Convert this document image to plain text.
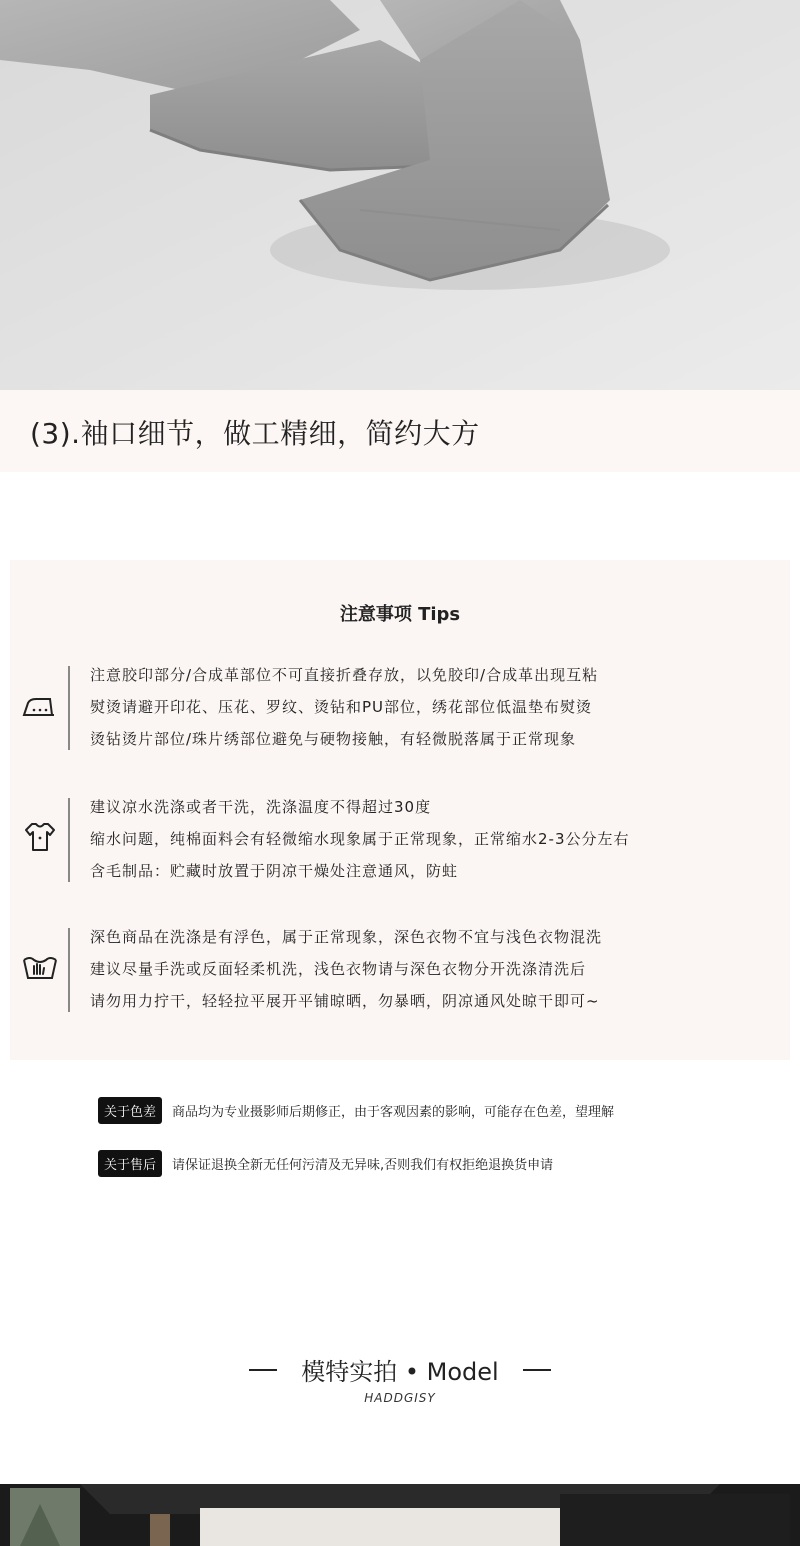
(3).袖口细节，做工精细，简约大方
注意事项 Tips
注意胶印部分/合成革部位不可直接折叠存放，以免胶印/合成革出现互粘
熨烫请避开印花、压花、罗纹、烫钻和PU部位，绣花部位低温垫布熨烫
烫钻烫片部位/珠片绣部位避免与硬物接触，有轻微脱落属于正常现象
建议凉水洗涤或者干洗，洗涤温度不得超过30度
缩水问题，纯棉面料会有轻微缩水现象属于正常现象，正常缩水2-3公分左右
含毛制品：贮藏时放置于阴凉干燥处注意通风，防蛀
深色商品在洗涤是有浮色，属于正常现象，深色衣物不宜与浅色衣物混洗
建议尽量手洗或反面轻柔机洗，浅色衣物请与深色衣物分开洗涤清洗后
请勿用力拧干，轻轻拉平展开平铺晾晒，勿暴晒，阴凉通风处晾干即可~
关于色差	商品均为专业摄影师后期修正，由于客观因素的影响，可能存在色差，望理解
关于售后	请保证退换全新无任何污清及无异味,否则我们有权拒绝退换货申请
模特实拍 • Model
HADDGISY
